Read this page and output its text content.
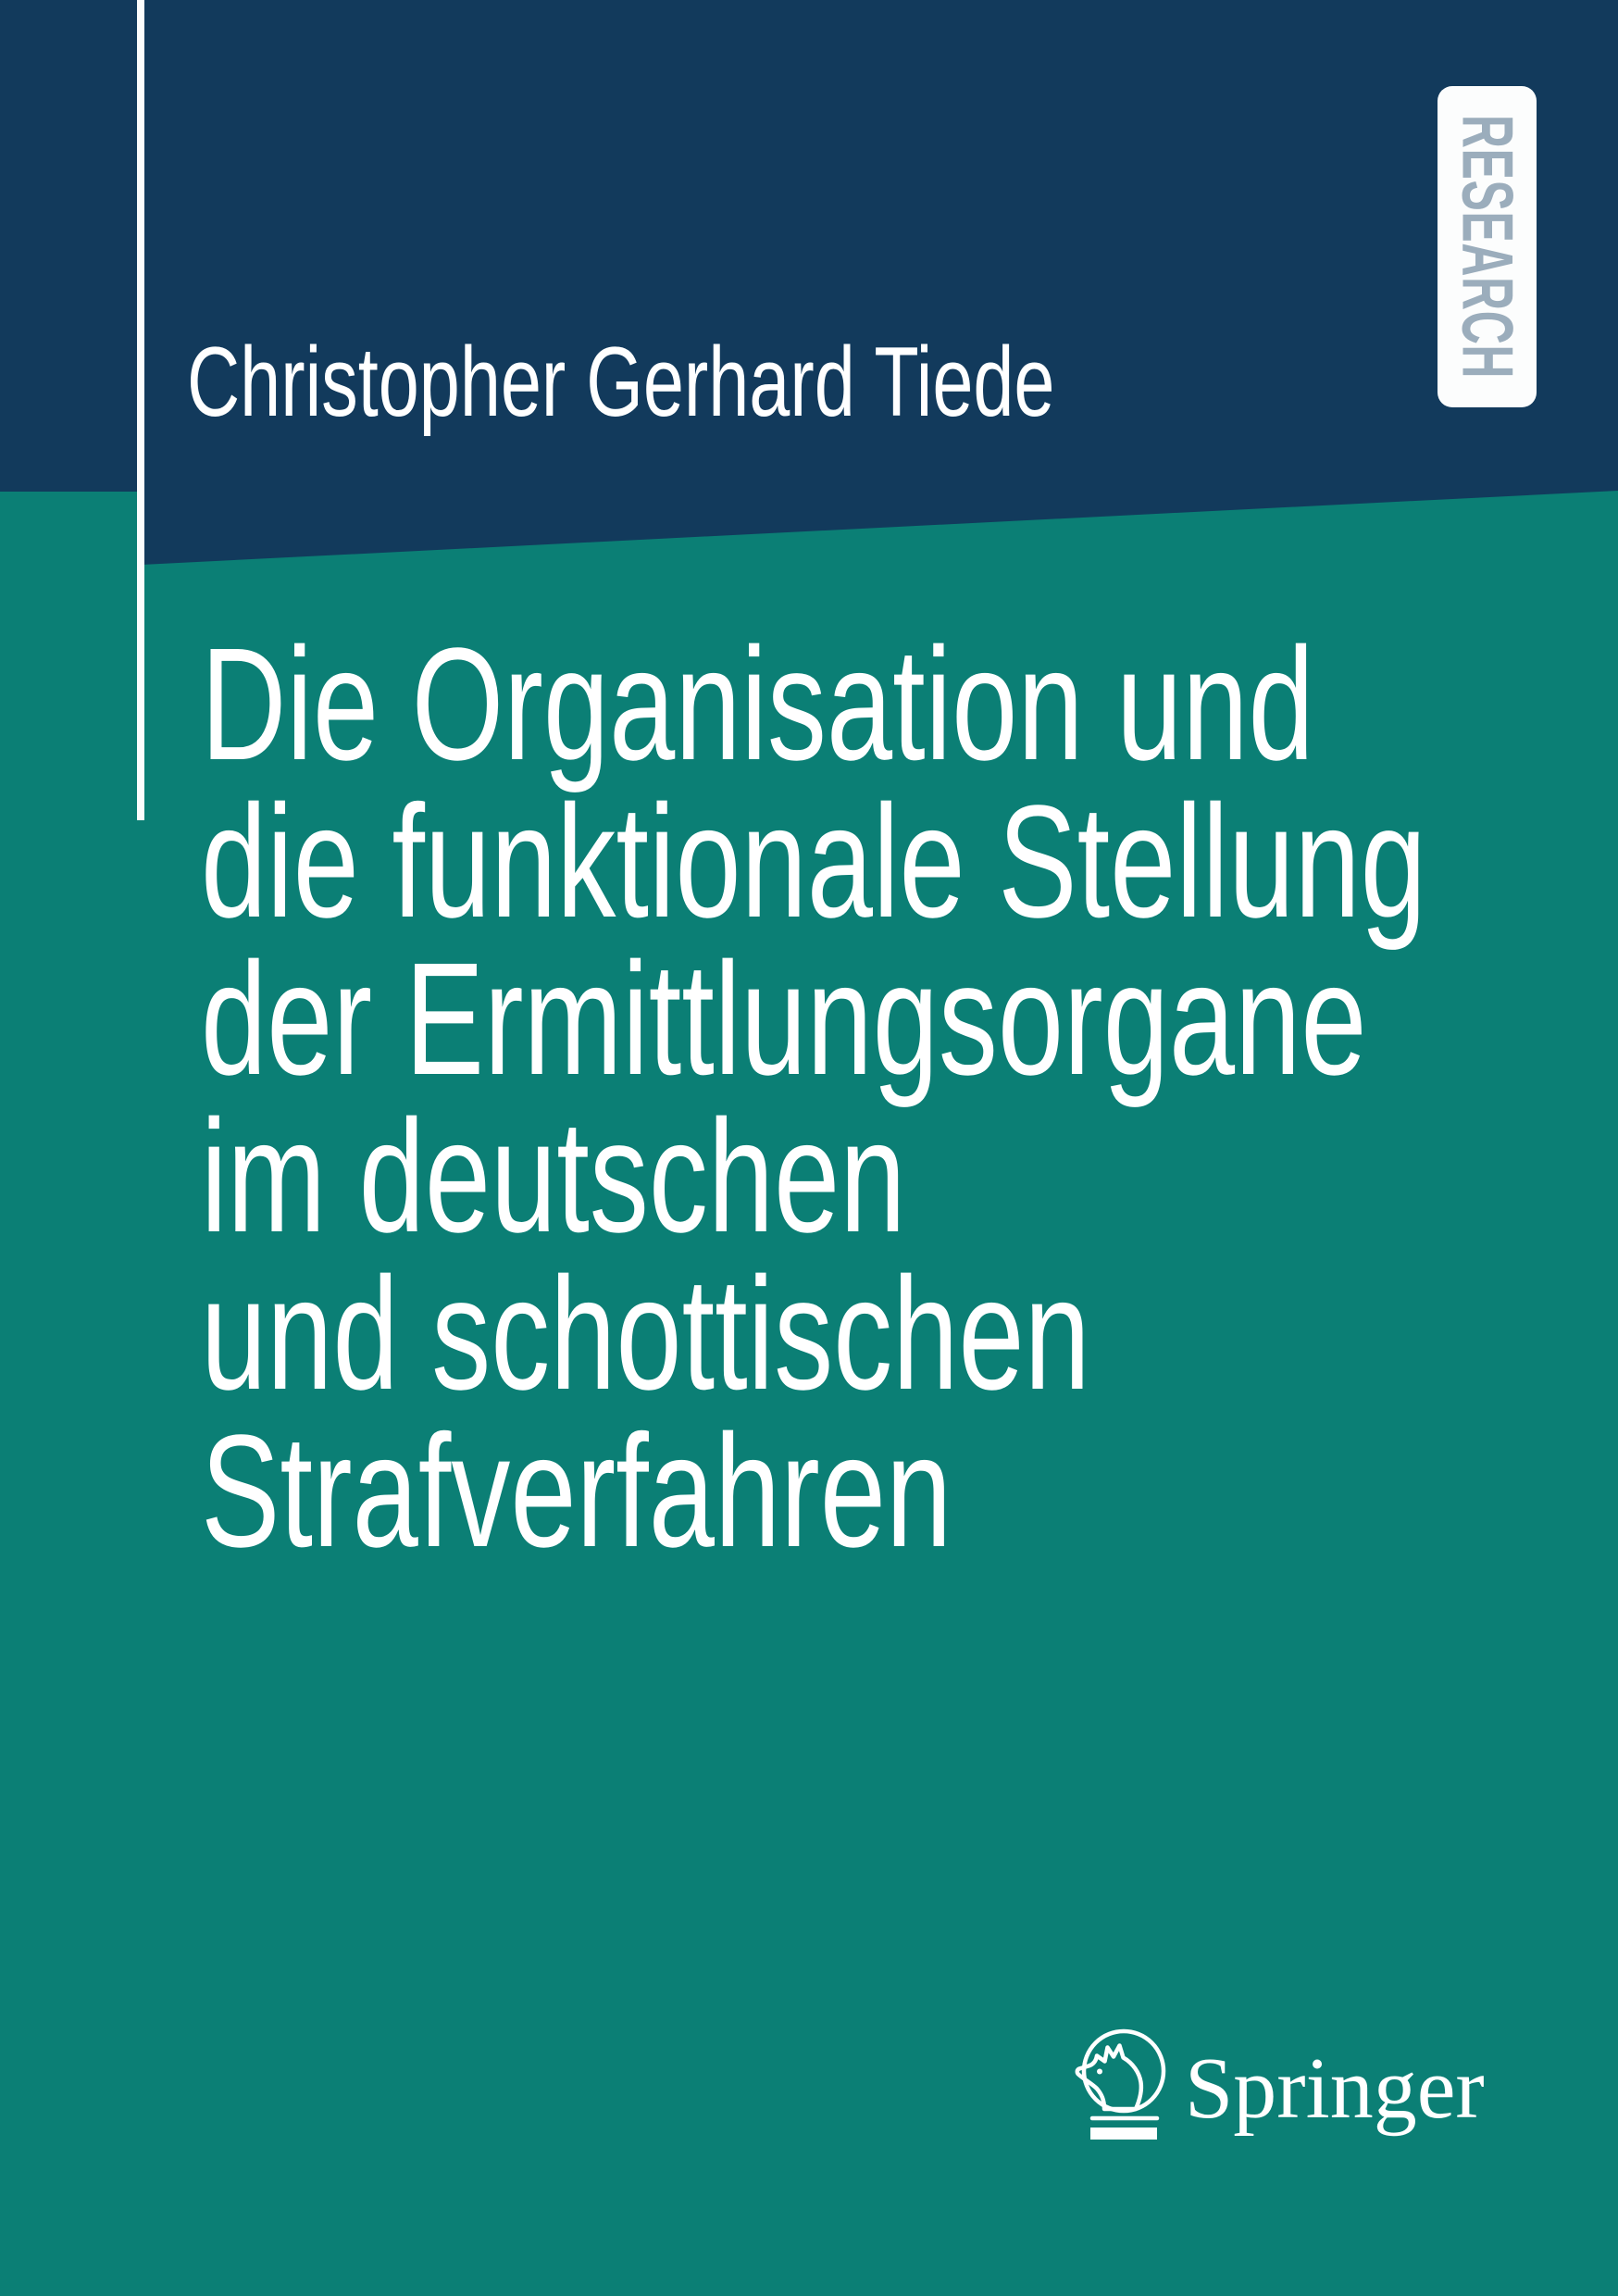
RESEARCH
Christopher Gerhard Tiede
Die Organisation und
die funktionale Stellung
der Ermittlungsorgane
im deutschen
und schottischen
Strafverfahren
Springer
